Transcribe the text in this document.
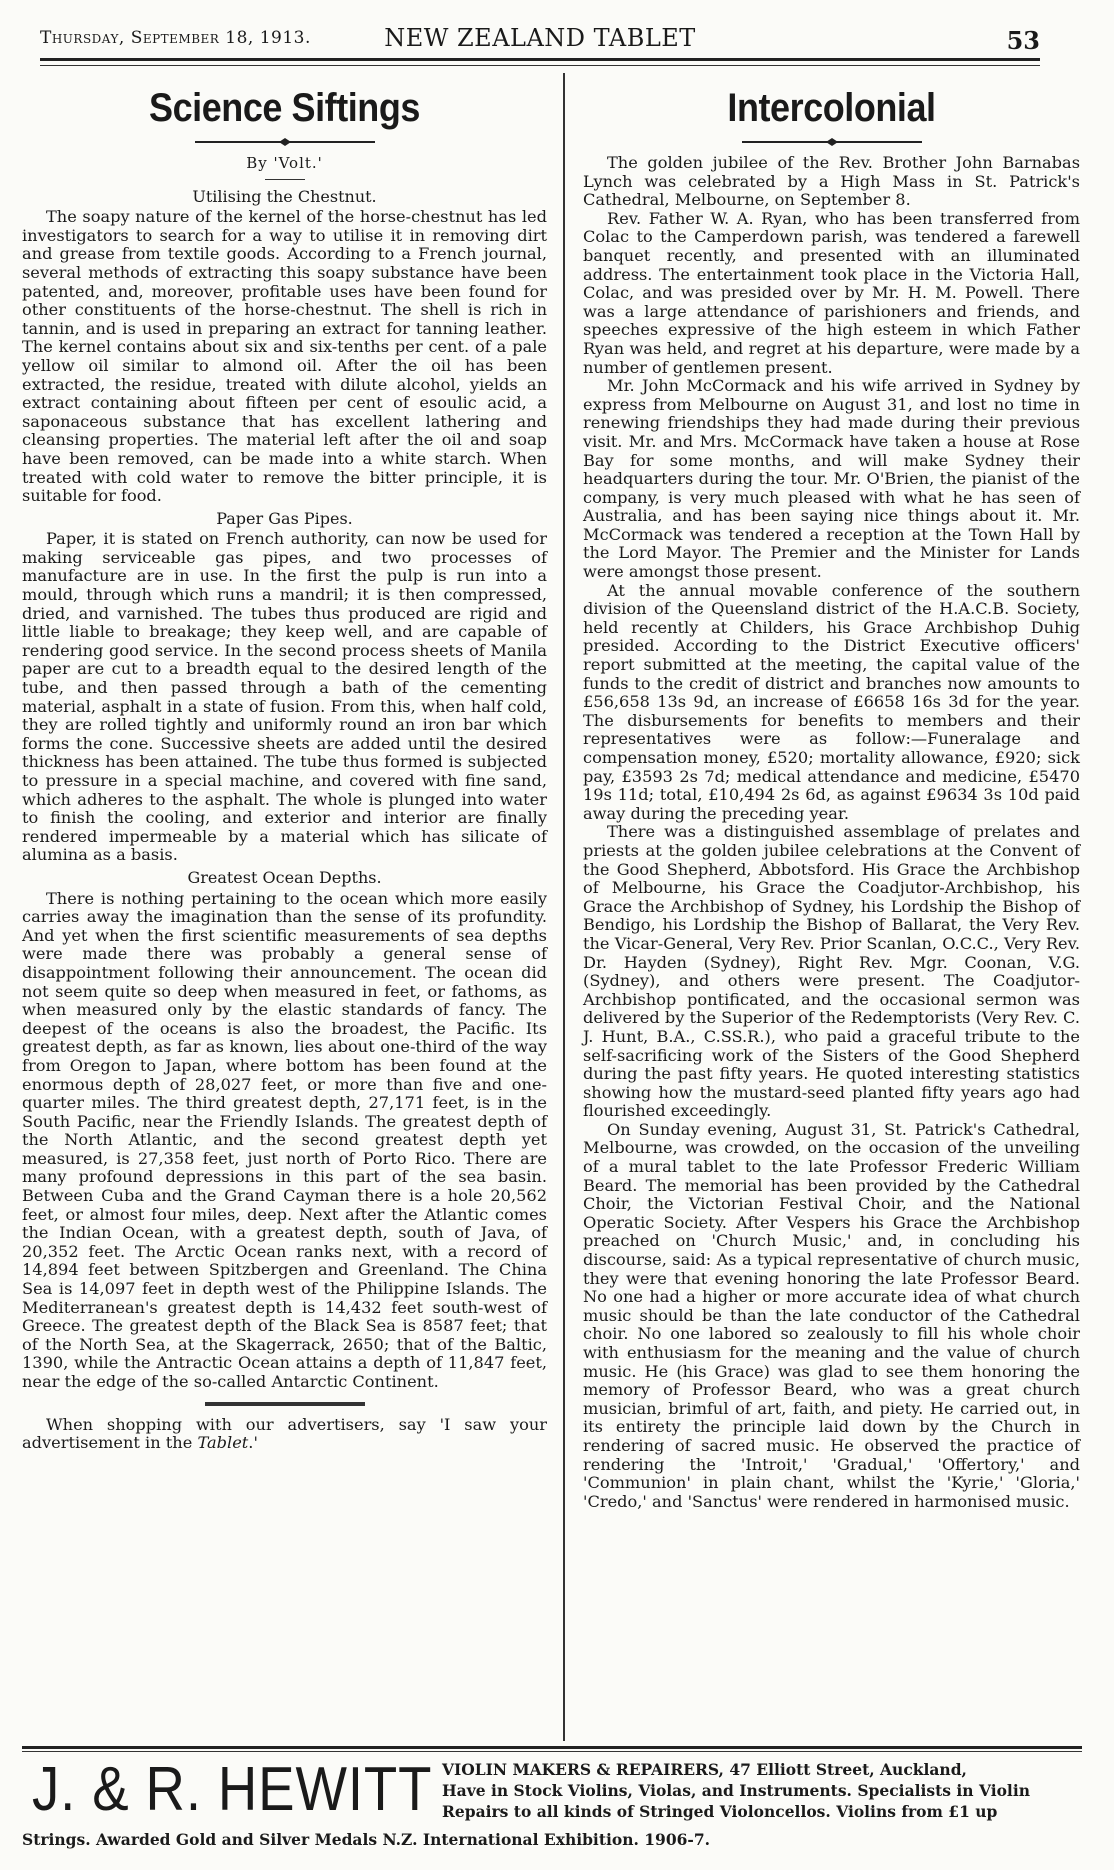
Thursday, September 18, 1913.	NEW ZEALAND TABLET	53
Science Siftings
By 'Volt.'
Utilising the Chestnut.

The soapy nature of the kernel of the horse-chestnut has led investigators to search for a way to utilise it in removing dirt and grease from textile goods. According to a French journal, several methods of extracting this soapy substance have been patented, and, moreover, profitable uses have been found for other constituents of the horse-chestnut. The shell is rich in tannin, and is used in preparing an extract for tanning leather. The kernel contains about six and six-tenths per cent. of a pale yellow oil similar to almond oil. After the oil has been extracted, the residue, treated with dilute alcohol, yields an extract containing about fifteen per cent of esoulic acid, a saponaceous substance that has excellent lathering and cleansing properties. The material left after the oil and soap have been removed, can be made into a white starch. When treated with cold water to remove the bitter principle, it is suitable for food.

Paper Gas Pipes.

Paper, it is stated on French authority, can now be used for making serviceable gas pipes, and two processes of manufacture are in use. In the first the pulp is run into a mould, through which runs a mandril; it is then compressed, dried, and varnished. The tubes thus produced are rigid and little liable to breakage; they keep well, and are capable of rendering good service. In the second process sheets of Manila paper are cut to a breadth equal to the desired length of the tube, and then passed through a bath of the cementing material, asphalt in a state of fusion. From this, when half cold, they are rolled tightly and uniformly round an iron bar which forms the cone. Successive sheets are added until the desired thickness has been attained. The tube thus formed is subjected to pressure in a special machine, and covered with fine sand, which adheres to the asphalt. The whole is plunged into water to finish the cooling, and exterior and interior are finally rendered impermeable by a material which has silicate of alumina as a basis.

Greatest Ocean Depths.

There is nothing pertaining to the ocean which more easily carries away the imagination than the sense of its profundity. And yet when the first scientific measurements of sea depths were made there was probably a general sense of disappointment following their announcement. The ocean did not seem quite so deep when measured in feet, or fathoms, as when measured only by the elastic standards of fancy. The deepest of the oceans is also the broadest, the Pacific. Its greatest depth, as far as known, lies about one-third of the way from Oregon to Japan, where bottom has been found at the enormous depth of 28,027 feet, or more than five and one-quarter miles. The third greatest depth, 27,171 feet, is in the South Pacific, near the Friendly Islands. The greatest depth of the North Atlantic, and the second greatest depth yet measured, is 27,358 feet, just north of Porto Rico. There are many profound depressions in this part of the sea basin. Between Cuba and the Grand Cayman there is a hole 20,562 feet, or almost four miles, deep. Next after the Atlantic comes the Indian Ocean, with a greatest depth, south of Java, of 20,352 feet. The Arctic Ocean ranks next, with a record of 14,894 feet between Spitzbergen and Greenland. The China Sea is 14,097 feet in depth west of the Philippine Islands. The Mediterranean's greatest depth is 14,432 feet south-west of Greece. The greatest depth of the Black Sea is 8587 feet; that of the North Sea, at the Skagerrack, 2650; that of the Baltic, 1390, while the Antractic Ocean attains a depth of 11,847 feet, near the edge of the so-called Antarctic Continent.

When shopping with our advertisers, say 'I saw your advertisement in the Tablet.'

Intercolonial

The golden jubilee of the Rev. Brother John Barnabas Lynch was celebrated by a High Mass in St. Patrick's Cathedral, Melbourne, on September 8.

Rev. Father W. A. Ryan, who has been transferred from Colac to the Camperdown parish, was tendered a farewell banquet recently, and presented with an illuminated address. The entertainment took place in the Victoria Hall, Colac, and was presided over by Mr. H. M. Powell. There was a large attendance of parishioners and friends, and speeches expressive of the high esteem in which Father Ryan was held, and regret at his departure, were made by a number of gentlemen present.

Mr. John McCormack and his wife arrived in Sydney by express from Melbourne on August 31, and lost no time in renewing friendships they had made during their previous visit. Mr. and Mrs. McCormack have taken a house at Rose Bay for some months, and will make Sydney their headquarters during the tour. Mr. O'Brien, the pianist of the company, is very much pleased with what he has seen of Australia, and has been saying nice things about it. Mr. McCormack was tendered a reception at the Town Hall by the Lord Mayor. The Premier and the Minister for Lands were amongst those present.

At the annual movable conference of the southern division of the Queensland district of the H.A.C.B. Society, held recently at Childers, his Grace Archbishop Duhig presided. According to the District Executive officers' report submitted at the meeting, the capital value of the funds to the credit of district and branches now amounts to £56,658 13s 9d, an increase of £6658 16s 3d for the year. The disbursements for benefits to members and their representatives were as follow:—Funeralage and compensation money, £520; mortality allowance, £920; sick pay, £3593 2s 7d; medical attendance and medicine, £5470 19s 11d; total, £10,494 2s 6d, as against £9634 3s 10d paid away during the preceding year.

There was a distinguished assemblage of prelates and priests at the golden jubilee celebrations at the Convent of the Good Shepherd, Abbotsford. His Grace the Archbishop of Melbourne, his Grace the Coadjutor-Archbishop, his Grace the Archbishop of Sydney, his Lordship the Bishop of Bendigo, his Lordship the Bishop of Ballarat, the Very Rev. the Vicar-General, Very Rev. Prior Scanlan, O.C.C., Very Rev. Dr. Hayden (Sydney), Right Rev. Mgr. Coonan, V.G. (Sydney), and others were present. The Coadjutor-Archbishop pontificated, and the occasional sermon was delivered by the Superior of the Redemptorists (Very Rev. C. J. Hunt, B.A., C.SS.R.), who paid a graceful tribute to the self-sacrificing work of the Sisters of the Good Shepherd during the past fifty years. He quoted interesting statistics showing how the mustard-seed planted fifty years ago had flourished exceedingly.

On Sunday evening, August 31, St. Patrick's Cathedral, Melbourne, was crowded, on the occasion of the unveiling of a mural tablet to the late Professor Frederic William Beard. The memorial has been provided by the Cathedral Choir, the Victorian Festival Choir, and the National Operatic Society. After Vespers his Grace the Archbishop preached on 'Church Music,' and, in concluding his discourse, said: As a typical representative of church music, they were that evening honoring the late Professor Beard. No one had a higher or more accurate idea of what church music should be than the late conductor of the Cathedral choir. No one labored so zealously to fill his whole choir with enthusiasm for the meaning and the value of church music. He (his Grace) was glad to see them honoring the memory of Professor Beard, who was a great church musician, brimful of art, faith, and piety. He carried out, in its entirety the principle laid down by the Church in rendering of sacred music. He observed the practice of rendering the 'Introit,' 'Gradual,' 'Offertory,' and 'Communion' in plain chant, whilst the 'Kyrie,' 'Gloria,' 'Credo,' and 'Sanctus' were rendered in harmonised music.

J. & R. HEWITT VIOLIN MAKERS & REPAIRERS, 47 Elliott Street, Auckland,
Have in Stock Violins, Violas, and Instruments. Specialists in Violin
Repairs to all kinds of Stringed Violoncellos. Violins from £1 up
Strings. Awarded Gold and Silver Medals N.Z. International Exhibition. 1906-7.
